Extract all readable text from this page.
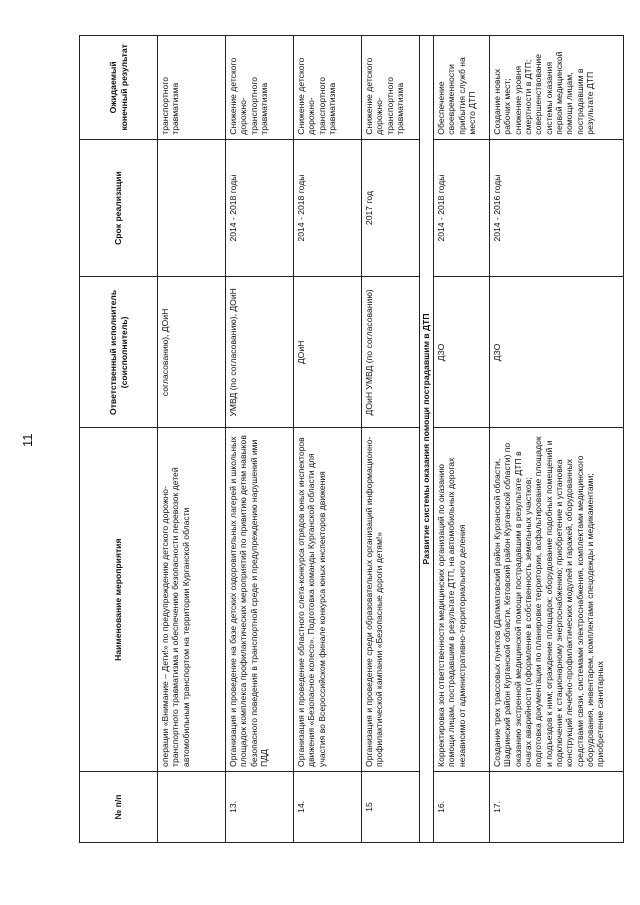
11
№ п/п	Наименование мероприятия	Ответственный исполнитель (соисполнитель)	Срок реализации	Ожидаемый конечный результат
	операции «Внимание – Дети!» по предупреждению детского дорожно-транспортного травматизма и обеспечению безопасности перевозок детей автомобильным транспортом на территории Курганской области	согласованию), ДОиН		транспортного травматизма
13.	Организация и проведение на базе детских оздоровительных лагерей и школьных площадок комплекса профилактических мероприятий по привитию детям навыков безопасного поведения в транспортной среде и предупреждению нарушений ими ПДД	УМВД (по согласованию), ДОиН	2014 - 2018 годы	Снижение детского дорожно-транспортного травматизма
14.	Организация и проведение областного слета-конкурса отрядов юных инспекторов движения «Безопасное колесо». Подготовка команды Курганской области для участия во Всероссийском финале конкурса юных инспекторов движения	ДОиН	2014 - 2018 годы	Снижение детского дорожно-транспортного травматизма
15	Организация и проведение среди образовательных организаций информационно-профилактической кампании «Безопасные дороги детям!»	ДОиН УМВД (по согласованию)	2017 год	Снижение детского дорожно-транспортного травматизма
Развитие системы оказания помощи пострадавшим в ДТП				
16.	Корректировка зон ответственности медицинских организаций по оказанию помощи лицам, пострадавшим в результате ДТП, на автомобильных дорогах независимо от административно-территориального деления	ДЗО	2014 - 2018 годы	Обеспечение своевременности прибытия служб на место ДТП
17.	Создание трех трассовых пунктов (Далматовский район Курганской области, Шадринский район Курганской области, Кетовский район Курганской области) по оказанию экстренной медицинской помощи пострадавшим в результате ДТП в очагах аварийности (оформление в собственность земельных участков; подготовка документации по планировке территории, асфальтирование площадок и подъездов к ним; ограждение площадок; оборудование подобных помещений и подключение к стационарному энергоснабжению; приобретение и установка конструкций лечебно-профилактических модулей и гаражей, оборудованных средствами связи, системами электроснабжения, комплектами медицинского оборудования, инвентарем, комплектами спецодежды и медикаментами; приобретение санитарных	ДЗО	2014 - 2016 годы	Создание новых рабочих мест; снижение уровня смертности в ДТП; совершенствование системы оказания первой медицинской помощи лицам, пострадавшим в результате ДТП
